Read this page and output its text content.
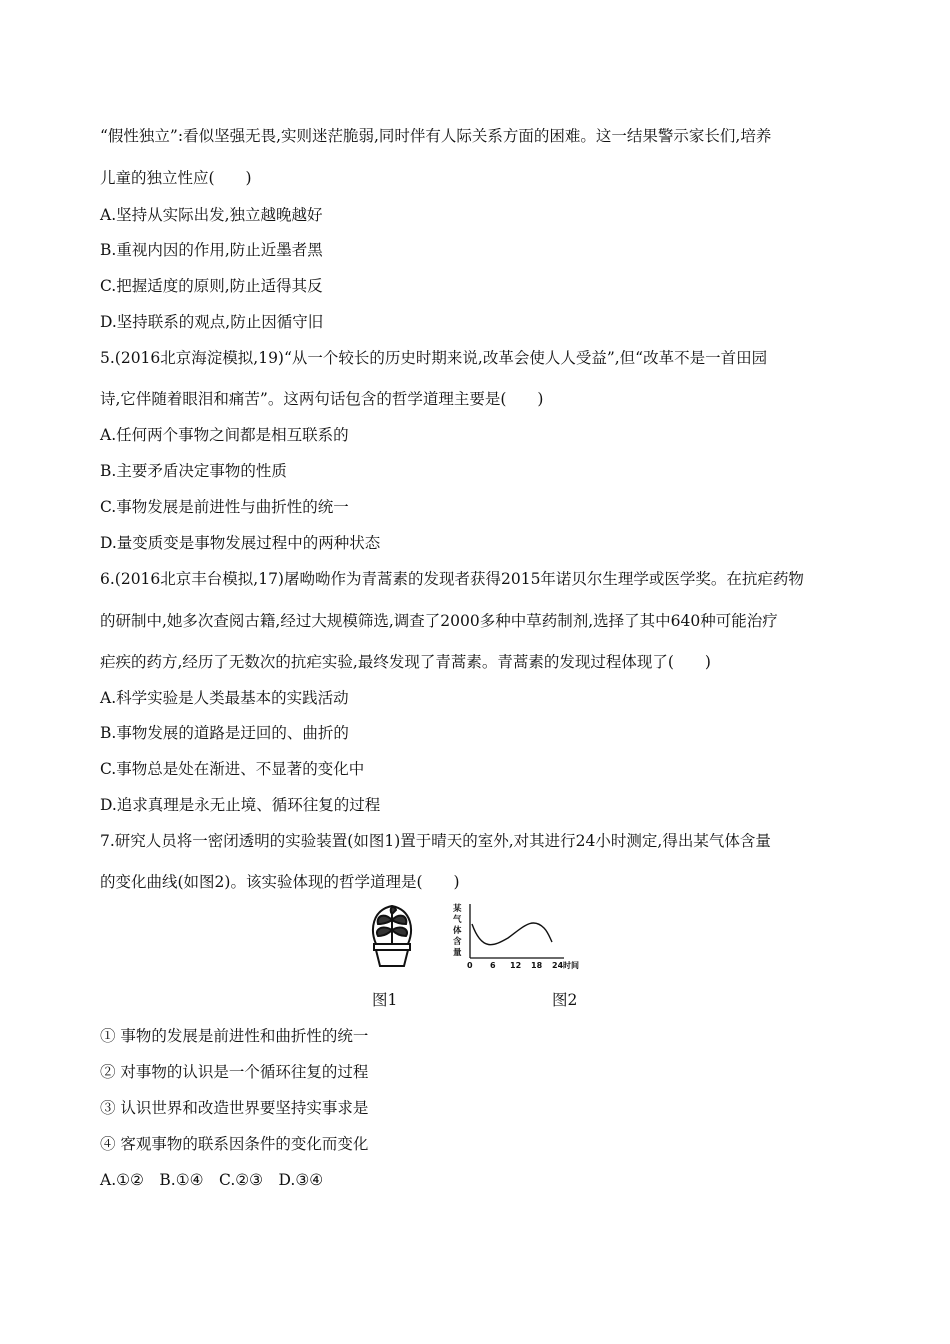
“假性独立”:看似坚强无畏,实则迷茫脆弱,同时伴有人际关系方面的困难。这一结果警示家长们,培养
儿童的独立性应(　　)
A.坚持从实际出发,独立越晚越好
B.重视内因的作用,防止近墨者黑
C.把握适度的原则,防止适得其反
D.坚持联系的观点,防止因循守旧
5.(2016北京海淀模拟,19)“从一个较长的历史时期来说,改革会使人人受益”,但“改革不是一首田园
诗,它伴随着眼泪和痛苦”。这两句话包含的哲学道理主要是(　　)
A.任何两个事物之间都是相互联系的
B.主要矛盾决定事物的性质
C.事物发展是前进性与曲折性的统一
D.量变质变是事物发展过程中的两种状态
6.(2016北京丰台模拟,17)屠呦呦作为青蒿素的发现者获得2015年诺贝尔生理学或医学奖。在抗疟药物
的研制中,她多次查阅古籍,经过大规模筛选,调查了2000多种中草药制剂,选择了其中640种可能治疗
疟疾的药方,经历了无数次的抗疟实验,最终发现了青蒿素。青蒿素的发现过程体现了(　　)
A.科学实验是人类最基本的实践活动
B.事物发展的道路是迂回的、曲折的
C.事物总是处在渐进、不显著的变化中
D.追求真理是永无止境、循环往复的过程
7.研究人员将一密闭透明的实验装置(如图1)置于晴天的室外,对其进行24小时测定,得出某气体含量
的变化曲线(如图2)。该实验体现的哲学道理是(　　)
某
气
体
含
量
0 6 12 18 24 时间
图1	图2
① 事物的发展是前进性和曲折性的统一
② 对事物的认识是一个循环往复的过程
③ 认识世界和改造世界要坚持实事求是
④ 客观事物的联系因条件的变化而变化
A.①②　B.①④　C.②③　D.③④
